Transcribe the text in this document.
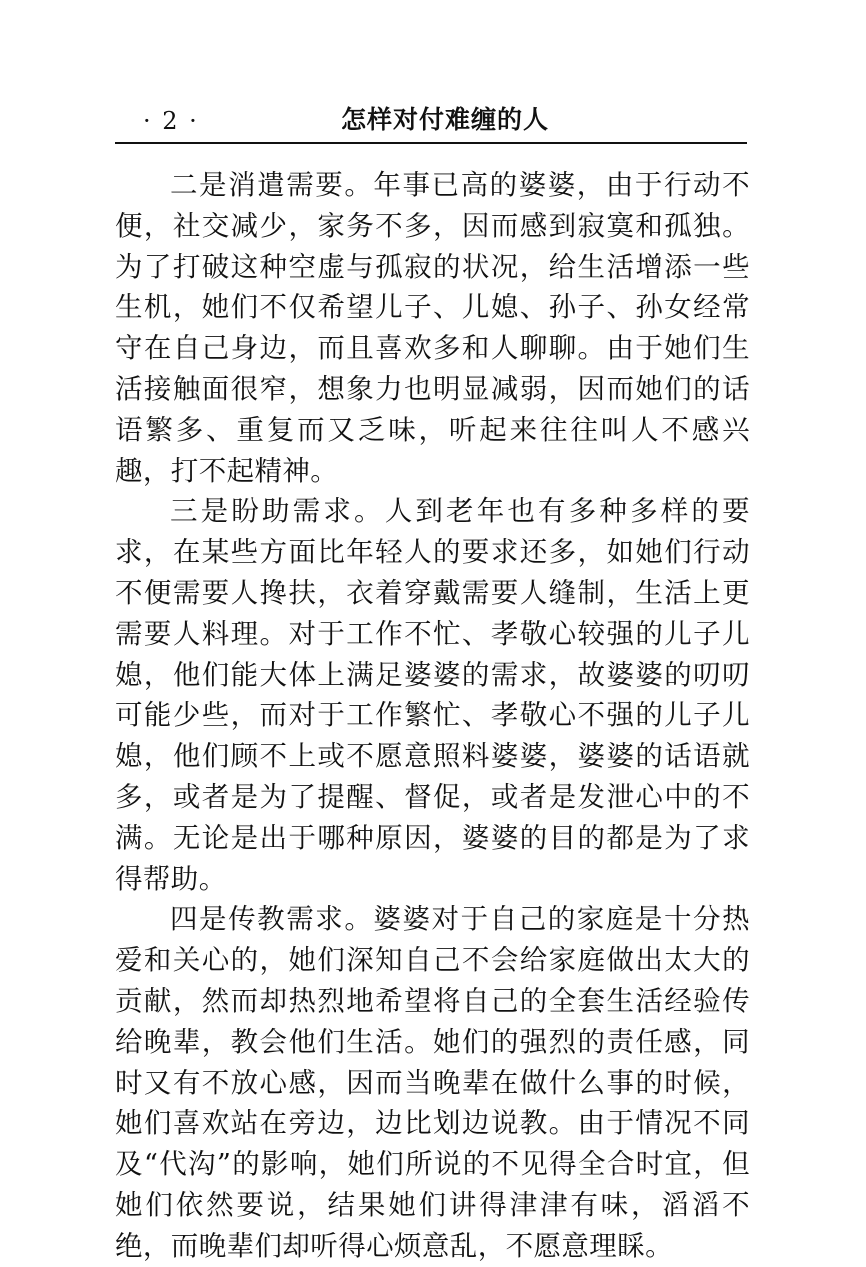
· 2 ·	怎样对付难缠的人

二是消遣需要。年事已高的婆婆，由于行动不便，社交减少，家务不多，因而感到寂寞和孤独。为了打破这种空虚与孤寂的状况，给生活增添一些生机，她们不仅希望儿子、儿媳、孙子、孙女经常守在自己身边，而且喜欢多和人聊聊。由于她们生活接触面很窄，想象力也明显减弱，因而她们的话语繁多、重复而又乏味，听起来往往叫人不感兴趣，打不起精神。

三是盼助需求。人到老年也有多种多样的要求，在某些方面比年轻人的要求还多，如她们行动不便需要人搀扶，衣着穿戴需要人缝制，生活上更需要人料理。对于工作不忙、孝敬心较强的儿子儿媳，他们能大体上满足婆婆的需求，故婆婆的叨叨可能少些，而对于工作繁忙、孝敬心不强的儿子儿媳，他们顾不上或不愿意照料婆婆，婆婆的话语就多，或者是为了提醒、督促，或者是发泄心中的不满。无论是出于哪种原因，婆婆的目的都是为了求得帮助。

四是传教需求。婆婆对于自己的家庭是十分热爱和关心的，她们深知自己不会给家庭做出太大的贡献，然而却热烈地希望将自己的全套生活经验传给晚辈，教会他们生活。她们的强烈的责任感，同时又有不放心感，因而当晚辈在做什么事的时候，她们喜欢站在旁边，边比划边说教。由于情况不同及“代沟”的影响，她们所说的不见得全合时宜，但她们依然要说，结果她们讲得津津有味，滔滔不绝，而晚辈们却听得心烦意乱，不愿意理睬。
